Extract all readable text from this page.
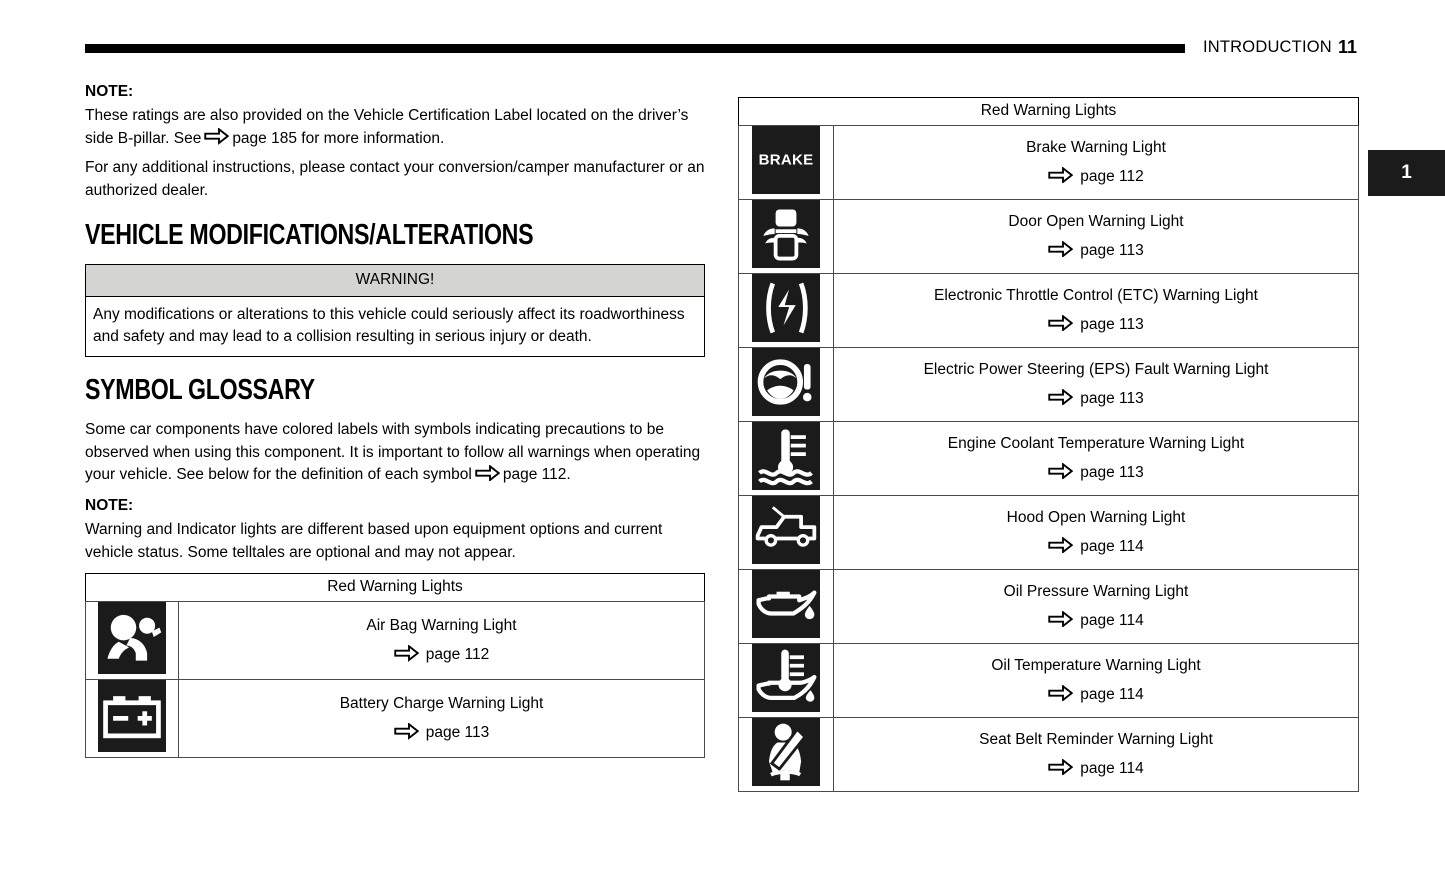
INTRODUCTION 11
1
NOTE:

These ratings are also provided on the Vehicle Certification Label located on the driver’s side B-pillar. See page 185 for more information.

For any additional instructions, please contact your conversion/camper manufacturer or an authorized dealer.

VEHICLE MODIFICATIONS/ALTERATIONS
WARNING!
Any modifications or alterations to this vehicle could seriously affect its roadworthiness and safety and may lead to a collision resulting in serious injury or death.
SYMBOL GLOSSARY

Some car components have colored labels with symbols indicating precautions to be observed when using this component. It is important to follow all warnings when operating your vehicle. See below for the definition of each symbol page 112.

NOTE:

Warning and Indicator lights are different based upon equipment options and current vehicle status. Some telltales are optional and may not appear.

Red Warning Lights

Air Bag Warning Light
page 112

Battery Charge Warning Light
page 113
Red Warning Lights
BRAKE	Brake Warning Light
page 112

Door Open Warning Light
page 113

Electronic Throttle Control (ETC) Warning Light
page 113

Electric Power Steering (EPS) Fault Warning Light
page 113

Engine Coolant Temperature Warning Light
page 113

Hood Open Warning Light
page 114

Oil Pressure Warning Light
page 114

Oil Temperature Warning Light
page 114

Seat Belt Reminder Warning Light
page 114
